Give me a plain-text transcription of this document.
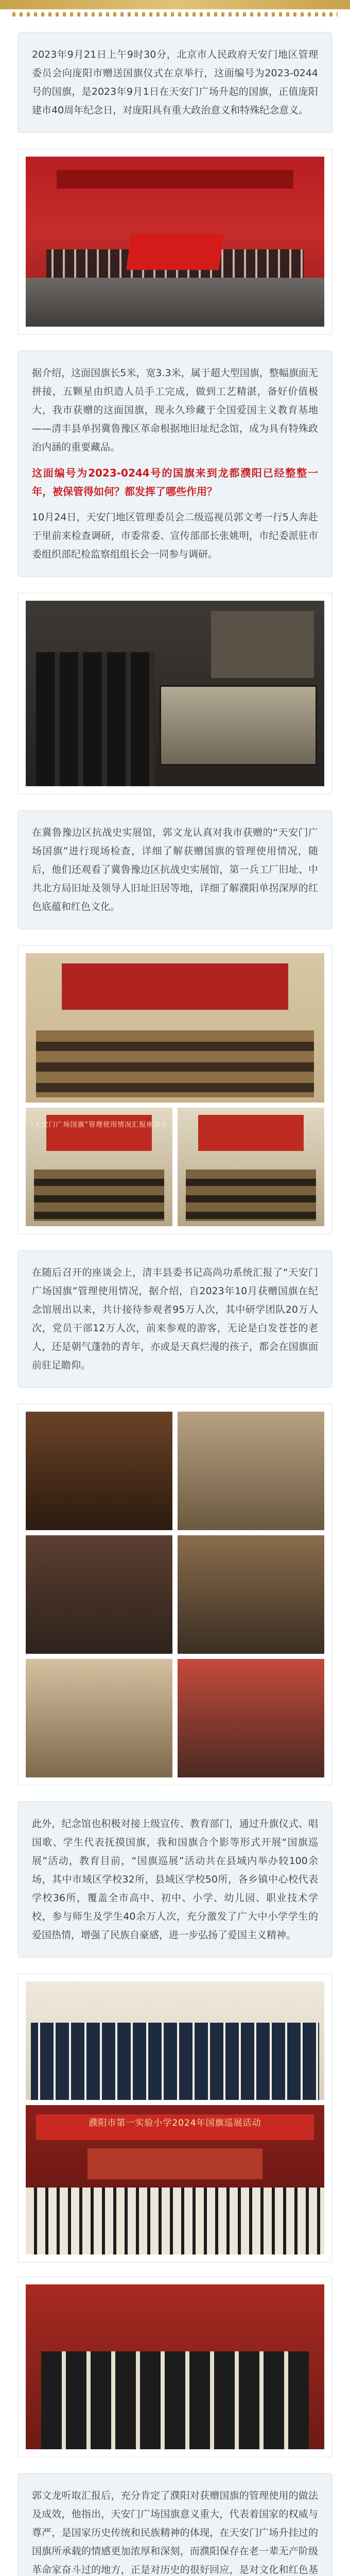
2023年9月21日上午9时30分，北京市人民政府天安门地区管理委员会向庞阳市赠送国旗仪式在京举行，这面编号为2023-0244号的国旗，是2023年9月1日在天安门广场升起的国旗，正值庞阳建市40周年纪念日，对庞阳具有重大政治意义和特殊纪念意义。

据介绍，这面国旗长5米，宽3.3米，属于超大型国旗，整幅旗面无拼接，五颗星由织造人员手工完成，做到工艺精湛，备好价值极大，我市获赠的这面国旗，现永久珍藏于全国爱国主义教育基地——清丰县单拐冀鲁豫区革命根据地旧址纪念馆，成为具有特殊政治内涵的重要藏品。

这面编号为2023-0244号的国旗来到龙都濮阳已经整整一年，被保管得如何？都发挥了哪些作用？

10月24日，天安门地区管理委员会二级巡视员郭文考一行5人奔赴于里前来检查调研，市委常委、宣传部部长张姚明，市纪委派驻市委组织部纪检监察组组长会一同参与调研。

在冀鲁豫边区抗战史实展馆，郭文龙认真对我市获赠的“天安门广场国旗”进行现场检查，详细了解获赠国旗的管理使用情况，随后，他们还观看了冀鲁豫边区抗战史实展馆，第一兵工厂旧址、中共北方局旧址及领导人旧址旧居等地，详细了解濮阳单拐深厚的红色底蕴和红色文化。

“天安门广场国旗”管理使用情况汇报座谈会

在随后召开的座谈会上，清丰县委书记高尚功系统汇报了“天安门广场国旗”管理使用情况，据介绍，自2023年10月获赠国旗在纪念馆展出以来，共计接待参观者95万人次，其中研学团队20万人次，党员干部12万人次，前来参观的游客，无论是白发苍苍的老人，还是朝气蓬勃的青年，亦或是天真烂漫的孩子，都会在国旗面前驻足瞻仰。

此外，纪念馆也积极对接上级宣传、教育部门，通过升旗仪式、唱国歌、学生代表抚摸国旗，我和国旗合个影等形式开展“国旗巡展”活动，教育目前，“国旗巡展”活动共在县域内举办较100余场，其中市域区学校32所，县域区学校50所，各乡镇中心校代表学校36所，覆盖全市高中、初中、小学、幼儿园、职业技术学校，参与师生及学生40余万人次，充分激发了广大中小学学生的爱国热情，增强了民族自豪感，进一步弘扬了爱国主义精神。

濮阳市第一实验小学2024年国旗巡展活动

郭文龙听取汇报后，充分肯定了濮阳对获赠国旗的管理使用的做法及成效，他指出，天安门广场国旗意义重大，代表着国家的权威与尊严，是国家历史传统和民族精神的体现，在天安门广场升挂过的国旗所承载的情感更加浓厚和深刻，而濮阳保存在老一辈无产阶级革命家奋斗过的地方，正是对历史的很好回应，是对文化和红色基
